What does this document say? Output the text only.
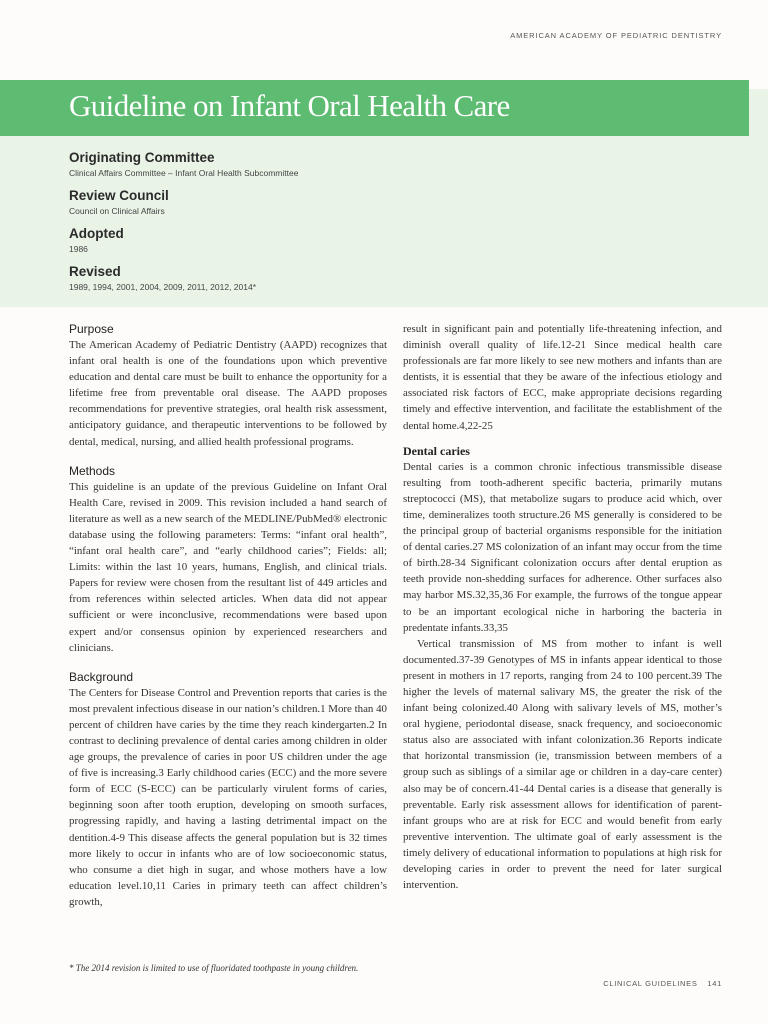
AMERICAN ACADEMY OF PEDIATRIC DENTISTRY
Guideline on Infant Oral Health Care
Originating Committee
Clinical Affairs Committee – Infant Oral Health Subcommittee
Review Council
Council on Clinical Affairs
Adopted
1986
Revised
1989, 1994, 2001, 2004, 2009, 2011, 2012, 2014*
Purpose

The American Academy of Pediatric Dentistry (AAPD) recognizes that infant oral health is one of the foundations upon which preventive education and dental care must be built to enhance the opportunity for a lifetime free from preventable oral disease. The AAPD proposes recommendations for preventive strategies, oral health risk assessment, anticipatory guidance, and therapeutic interventions to be followed by dental, medical, nursing, and allied health professional programs.

Methods

This guideline is an update of the previous Guideline on Infant Oral Health Care, revised in 2009. This revision included a hand search of literature as well as a new search of the MEDLINE/PubMed® electronic database using the following parameters: Terms: “infant oral health”, “infant oral health care”, and “early childhood caries”; Fields: all; Limits: within the last 10 years, humans, English, and clinical trials. Papers for review were chosen from the resultant list of 449 articles and from references within selected articles. When data did not appear sufficient or were inconclusive, recommendations were based upon expert and/or consensus opinion by experienced researchers and clinicians.

Background

The Centers for Disease Control and Prevention reports that caries is the most prevalent infectious disease in our nation’s children.1 More than 40 percent of children have caries by the time they reach kindergarten.2 In contrast to declining prevalence of dental caries among children in older age groups, the prevalence of caries in poor US children under the age of five is increasing.3 Early childhood caries (ECC) and the more severe form of ECC (S-ECC) can be particularly virulent forms of caries, beginning soon after tooth eruption, developing on smooth surfaces, progressing rapidly, and having a lasting detrimental impact on the dentition.4-9 This disease affects the general population but is 32 times more likely to occur in infants who are of low socioeconomic status, who consume a diet high in sugar, and whose mothers have a low education level.10,11 Caries in primary teeth can affect children’s growth,

result in significant pain and potentially life-threatening infection, and diminish overall quality of life.12-21 Since medical health care professionals are far more likely to see new mothers and infants than are dentists, it is essential that they be aware of the infectious etiology and associated risk factors of ECC, make appropriate decisions regarding timely and effective intervention, and facilitate the establishment of the dental home.4,22-25

Dental caries

Dental caries is a common chronic infectious transmissible disease resulting from tooth-adherent specific bacteria, primarily mutans streptococci (MS), that metabolize sugars to produce acid which, over time, demineralizes tooth structure.26 MS generally is considered to be the principal group of bacterial organisms responsible for the initiation of dental caries.27 MS colonization of an infant may occur from the time of birth.28-34 Significant colonization occurs after dental eruption as teeth provide non-shedding surfaces for adherence. Other surfaces also may harbor MS.32,35,36 For example, the furrows of the tongue appear to be an important ecological niche in harboring the bacteria in predentate infants.33,35

Vertical transmission of MS from mother to infant is well documented.37-39 Genotypes of MS in infants appear identical to those present in mothers in 17 reports, ranging from 24 to 100 percent.39 The higher the levels of maternal salivary MS, the greater the risk of the infant being colonized.40 Along with salivary levels of MS, mother’s oral hygiene, periodontal disease, snack frequency, and socioeconomic status also are associated with infant colonization.36 Reports indicate that horizontal transmission (ie, transmission between members of a group such as siblings of a similar age or children in a day-care center) also may be of concern.41-44 Dental caries is a disease that generally is preventable. Early risk assessment allows for identification of parent-infant groups who are at risk for ECC and would benefit from early preventive intervention. The ultimate goal of early assessment is the timely delivery of educational information to populations at high risk for developing caries in order to prevent the need for later surgical intervention.

* The 2014 revision is limited to use of fluoridated toothpaste in young children.
CLINICAL GUIDELINES 141
